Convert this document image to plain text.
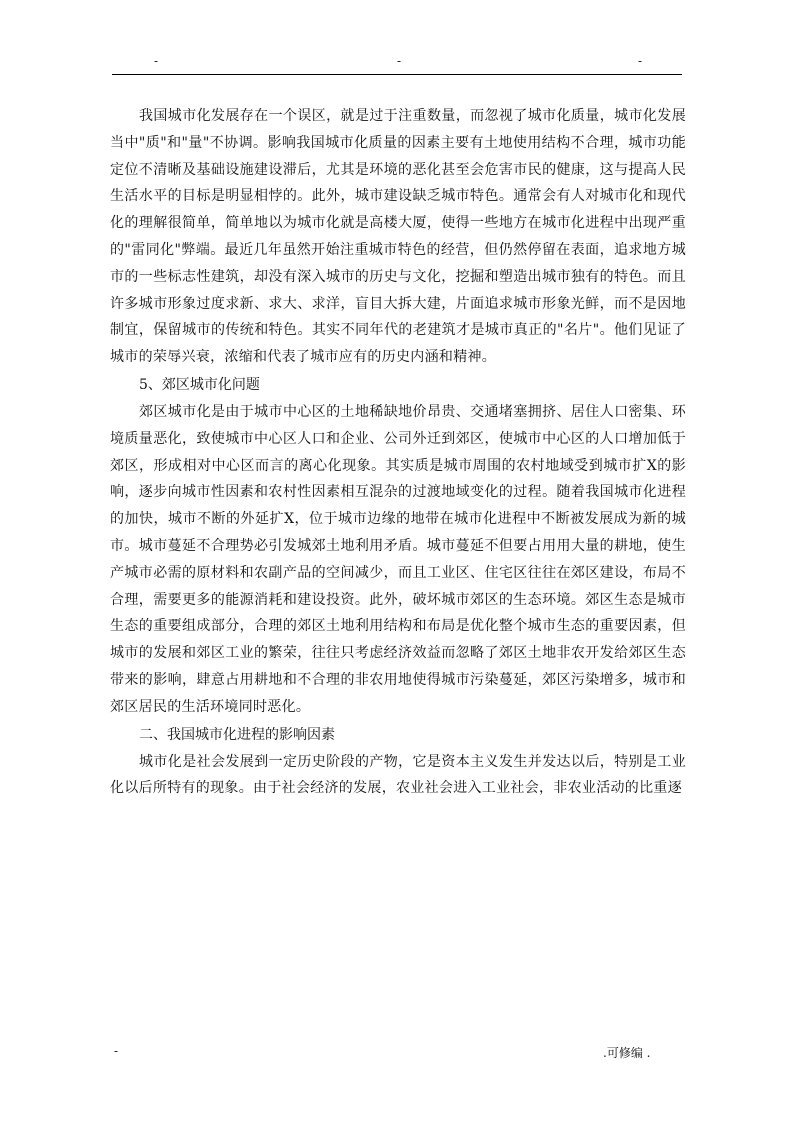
-	-	-

我国城市化发展存在一个误区，就是过于注重数量，而忽视了城市化质量，城市化发展当中"质"和"量"不协调。影响我国城市化质量的因素主要有土地使用结构不合理，城市功能定位不清晰及基础设施建设滞后，尤其是环境的恶化甚至会危害市民的健康，这与提高人民生活水平的目标是明显相悖的。此外，城市建设缺乏城市特色。通常会有人对城市化和现代化的理解很简单，简单地以为城市化就是高楼大厦，使得一些地方在城市化进程中出现严重的"雷同化"弊端。最近几年虽然开始注重城市特色的经营，但仍然停留在表面，追求地方城市的一些标志性建筑，却没有深入城市的历史与文化，挖掘和塑造出城市独有的特色。而且许多城市形象过度求新、求大、求洋，盲目大拆大建，片面追求城市形象光鲜，而不是因地制宜，保留城市的传统和特色。其实不同年代的老建筑才是城市真正的"名片"。他们见证了城市的荣辱兴衰，浓缩和代表了城市应有的历史内涵和精神。

5、郊区城市化问题

郊区城市化是由于城市中心区的土地稀缺地价昂贵、交通堵塞拥挤、居住人口密集、环境质量恶化，致使城市中心区人口和企业、公司外迁到郊区，使城市中心区的人口增加低于郊区，形成相对中心区而言的离心化现象。其实质是城市周围的农村地域受到城市扩X的影响，逐步向城市性因素和农村性因素相互混杂的过渡地域变化的过程。随着我国城市化进程的加快，城市不断的外延扩X，位于城市边缘的地带在城市化进程中不断被发展成为新的城市。城市蔓延不合理势必引发城郊土地利用矛盾。城市蔓延不但要占用用大量的耕地，使生产城市必需的原材料和农副产品的空间减少，而且工业区、住宅区往往在郊区建设，布局不合理，需要更多的能源消耗和建设投资。此外，破坏城市郊区的生态环境。郊区生态是城市生态的重要组成部分，合理的郊区土地利用结构和布局是优化整个城市生态的重要因素，但城市的发展和郊区工业的繁荣，往往只考虑经济效益而忽略了郊区土地非农开发给郊区生态带来的影响，肆意占用耕地和不合理的非农用地使得城市污染蔓延，郊区污染增多，城市和郊区居民的生活环境同时恶化。

二、我国城市化进程的影响因素

城市化是社会发展到一定历史阶段的产物，它是资本主义发生并发达以后，特别是工业化以后所特有的现象。由于社会经济的发展，农业社会进入工业社会，非农业活动的比重逐

-	.可修编 .
